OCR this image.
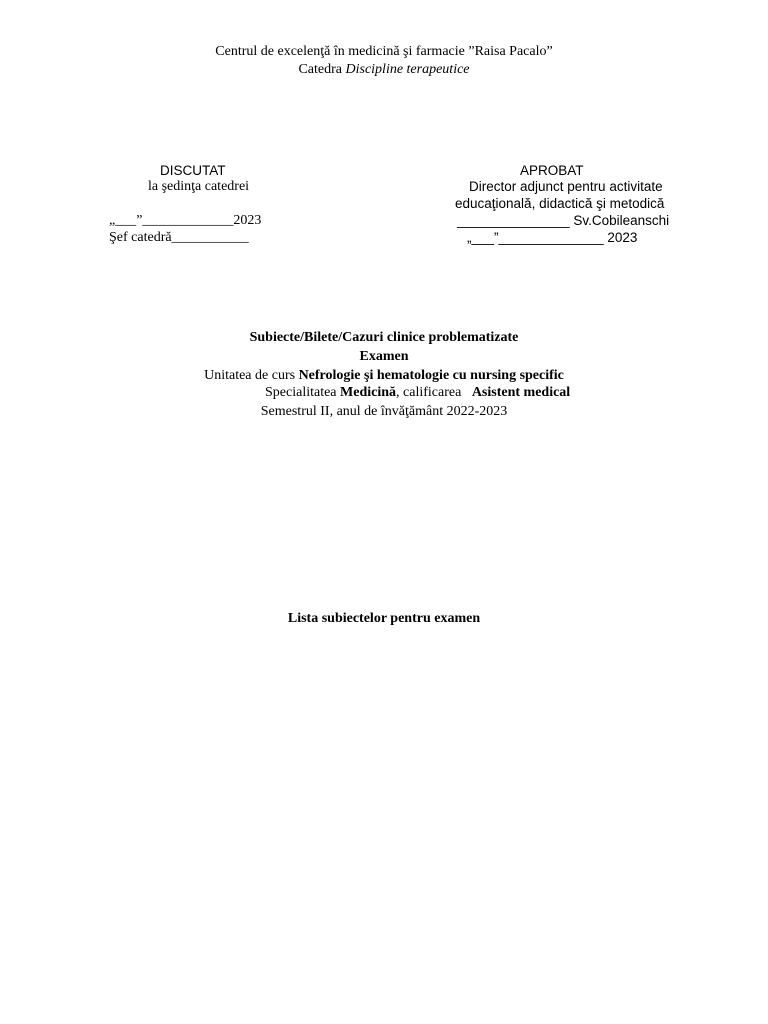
Centrul de excelenţă în medicină şi farmacie ”Raisa Pacalo”
Catedra Discipline terapeutice
DISCUTAT
la şedinţa catedrei
„___”_____________2023
Şef catedră___________
APROBAT
Director adjunct pentru activitate
educaţională, didactică şi metodică
_______________ Sv.Cobileanschi
„___”______________ 2023
Subiecte/Bilete/Cazuri clinice problematizate
Examen
Unitatea de curs Nefrologie şi hematologie cu nursing specific
Specialitatea Medicină, calificarea   Asistent medical
Semestrul II, anul de învăţământ 2022-2023
Lista subiectelor pentru examen
